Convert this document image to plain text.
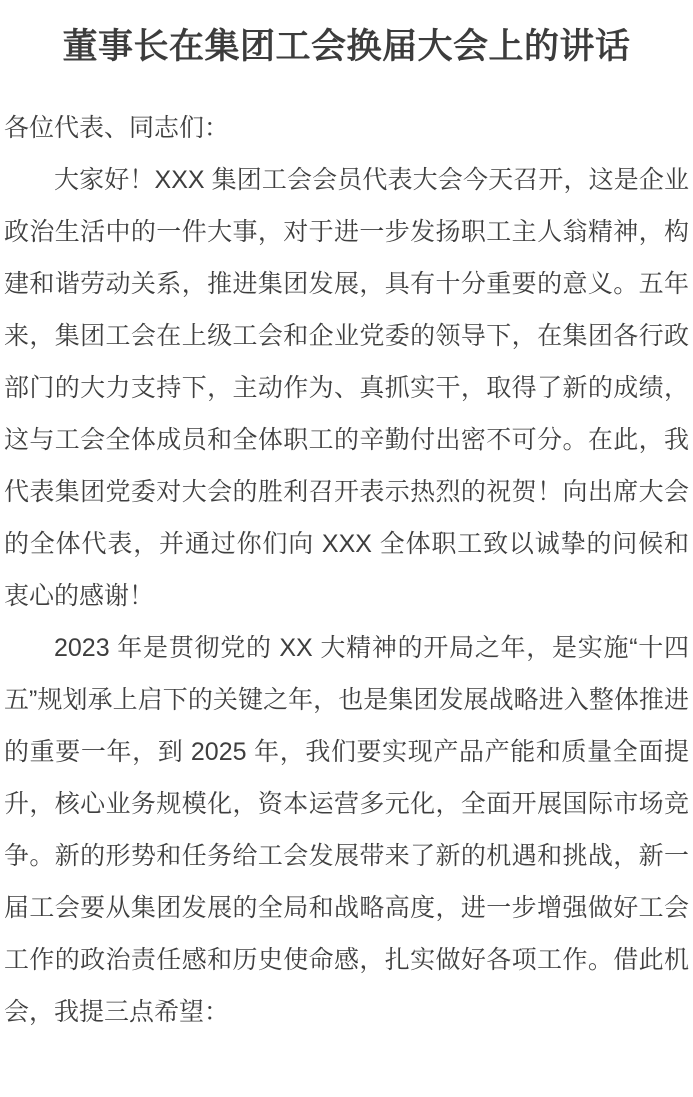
董事长在集团工会换届大会上的讲话

各位代表、同志们：

大家好！XXX 集团工会会员代表大会今天召开，这是企业政治生活中的一件大事，对于进一步发扬职工主人翁精神，构建和谐劳动关系，推进集团发展，具有十分重要的意义。五年来，集团工会在上级工会和企业党委的领导下，在集团各行政部门的大力支持下，主动作为、真抓实干，取得了新的成绩，这与工会全体成员和全体职工的辛勤付出密不可分。在此，我代表集团党委对大会的胜利召开表示热烈的祝贺！向出席大会的全体代表，并通过你们向 XXX 全体职工致以诚挚的问候和衷心的感谢！

2023 年是贯彻党的 XX 大精神的开局之年，是实施“十四五”规划承上启下的关键之年，也是集团发展战略进入整体推进的重要一年，到 2025 年，我们要实现产品产能和质量全面提升，核心业务规模化，资本运营多元化，全面开展国际市场竞争。新的形势和任务给工会发展带来了新的机遇和挑战，新一届工会要从集团发展的全局和战略高度，进一步增强做好工会工作的政治责任感和历史使命感，扎实做好各项工作。借此机会，我提三点希望：
